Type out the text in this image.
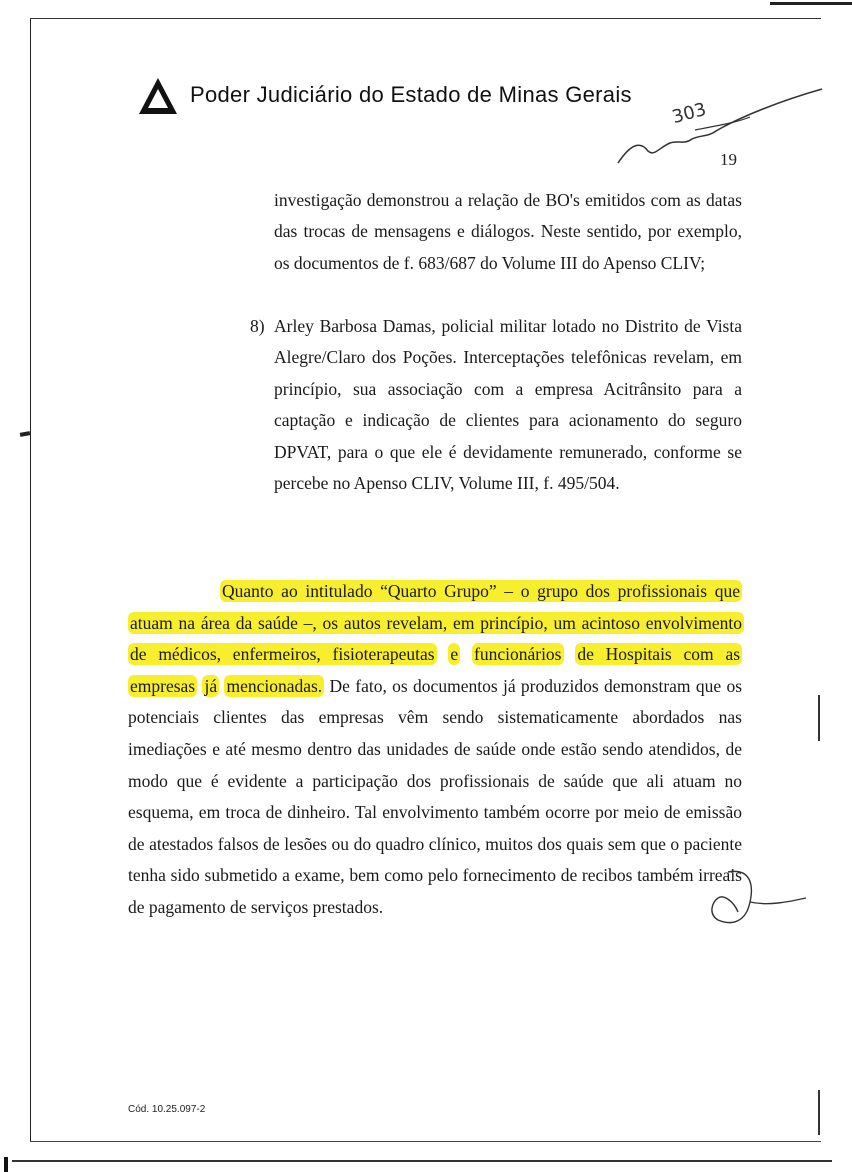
Poder Judiciário do Estado de Minas Gerais
303
19
investigação demonstrou a relação de BO's emitidos com as datas das trocas de mensagens e diálogos. Neste sentido, por exemplo, os documentos de f. 683/687 do Volume III do Apenso CLIV;
8) Arley Barbosa Damas, policial militar lotado no Distrito de Vista Alegre/Claro dos Poções. Interceptações telefônicas revelam, em princípio, sua associação com a empresa Acitrânsito para a captação e indicação de clientes para acionamento do seguro DPVAT, para o que ele é devidamente remunerado, conforme se percebe no Apenso CLIV, Volume III, f. 495/504.
Quanto ao intitulado “Quarto Grupo” – o grupo dos profissionais que atuam na área da saúde –, os autos revelam, em princípio, um acintoso envolvimento de médicos, enfermeiros, fisioterapeutas e funcionários de Hospitais com as empresas já mencionadas. De fato, os documentos já produzidos demonstram que os potenciais clientes das empresas vêm sendo sistematicamente abordados nas imediações e até mesmo dentro das unidades de saúde onde estão sendo atendidos, de modo que é evidente a participação dos profissionais de saúde que ali atuam no esquema, em troca de dinheiro. Tal envolvimento também ocorre por meio de emissão de atestados falsos de lesões ou do quadro clínico, muitos dos quais sem que o paciente tenha sido submetido a exame, bem como pelo fornecimento de recibos também irreais de pagamento de serviços prestados.
Cód. 10.25.097-2
